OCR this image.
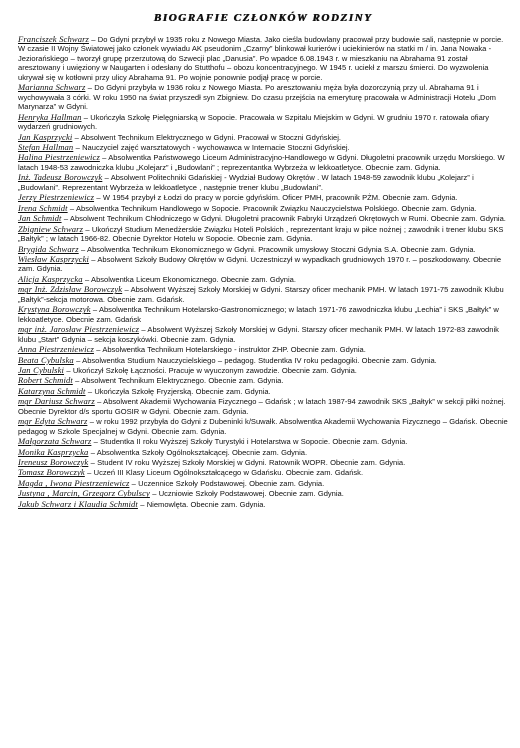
BIOGRAFIE CZŁONKÓW RODZINY

Franciszek Schwarz – Do Gdyni przybył w 1935 roku z Nowego Miasta. Jako cieśla budowlany pracował przy budowie sali, następnie w porcie. W czasie II Wojny Światowej jako członek wywiadu AK pseudonim „Czarny” blinkował kurierów i uciekinierów na statki m / in. Jana Nowaka - Jeziorańskiego – tworzył grupę przerzutową do Szwecji plac „Danusia”. Po wpadce 6.08.1943 r. w mieszkaniu na Abrahama 91 został aresztowany i uwięziony w Naugarten i odesłany do Stutthofu – obozu koncentracyjnego. W 1945 r. uciekł z marszu śmierci. Do wyzwolenia ukrywał się w kotłowni przy ulicy Abrahama 91. Po wojnie ponownie podjął pracę w porcie.

Marianna Schwarz – Do Gdyni przybyła w 1936 roku z Nowego Miasta. Po aresztowaniu męża była dozorczynią przy ul. Abrahama 91 i wychowywała 3 córki. W roku 1950 na świat przyszedł syn Zbigniew. Do czasu przejścia na emeryturę pracowała w Administracji Hotelu „Dom Marynarza” w Gdyni.

Henryka Hallman – Ukończyła Szkołę Pielęgniarską w Sopocie. Pracowała w Szpitalu Miejskim w Gdyni. W grudniu 1970 r. ratowała ofiary wydarzeń grudniowych.

Jan Kasprzycki – Absolwent Technikum Elektrycznego w Gdyni. Pracował w Stoczni Gdyńskiej.

Stefan Hallman – Nauczyciel zajęć warsztatowych - wychowawca w Internacie Stoczni Gdyńskiej.

Halina Piestrzeniewicz – Absolwentka Państwowego Liceum Administracyjno-Handlowego w Gdyni. Długoletni pracownik urzędu Morskiego. W latach 1948-53 zawodniczka klubu „Kolejarz” i „Budowlani” ; reprezentantka Wybrzeża w lekkoatletyce. Obecnie zam. Gdynia.

Inż. Tadeusz Borowczyk – Absolwent Politechniki Gdańskiej - Wydział Budowy Okrętów . W latach 1948-59 zawodnik klubu „Kolejarz” i „Budowlani”. Reprezentant Wybrzeża w lekkoatletyce , następnie trener klubu „Budowlani”.

Jerzy Piestrzeniewicz – W 1954 przybył z Łodzi do pracy w porcie gdyńskim. Oficer PMH, pracownik PŻM. Obecnie zam. Gdynia.

Irena Schmidt – Absolwentka Technikum Handlowego w Sopocie. Pracownik Związku Nauczycielstwa Polskiego. Obecnie zam. Gdynia.

Jan Schmidt – Absolwent Technikum Chłodniczego w Gdyni. Długoletni pracownik Fabryki Urządzeń Okrętowych w Rumi. Obecnie zam. Gdynia.

Zbigniew Schwarz – Ukończył Studium Menedżerskie Związku Hoteli Polskich , reprezentant kraju w piłce nożnej ; zawodnik i trener klubu SKS „Bałtyk” ; w latach 1966-82. Obecnie Dyrektor Hotelu w Sopocie. Obecnie zam. Gdynia.

Brygida Schwarz – Absolwentka Technikum Ekonomicznego w Gdyni. Pracownik umysłowy Stoczni Gdynia S.A. Obecnie zam. Gdynia.

Wiesław Kasprzycki – Absolwent Szkoły Budowy Okrętów w Gdyni. Uczestniczył w wypadkach grudniowych 1970 r. – poszkodowany. Obecnie zam. Gdynia.

Alicja Kasprzycka – Absolwentka Liceum Ekonomicznego. Obecnie zam. Gdynia.

mgr Inż. Zdzisław Borowczyk – Absolwent Wyższej Szkoły Morskiej w Gdyni. Starszy oficer mechanik PMH. W latach 1971-75 zawodnik Klubu „Bałtyk”-sekcja motorowa. Obecnie zam. Gdańsk.

Krystyna Borowczyk – Absolwentka Technikum Hotelarsko-Gastronomicznego; w latach 1971-76 zawodniczka klubu „Lechia” i SKS „Bałtyk” w lekkoatletyce. Obecnie zam. Gdańsk

mgr inż. Jarosław Piestrzeniewicz – Absolwent Wyższej Szkoły Morskiej w Gdyni. Starszy oficer mechanik PMH. W latach 1972-83 zawodnik klubu „Start” Gdynia – sekcja koszykówki. Obecnie zam. Gdynia.

Anna Piestrzeniewicz – Absolwentka Technikum Hotelarskiego - instruktor ZHP. Obecnie zam. Gdynia.

Beata Cybulska – Absolwentka Studium Nauczycielskiego – pedagog. Studentka IV roku pedagogiki. Obecnie zam. Gdynia.

Jan Cybulski – Ukończył Szkołę Łączności. Pracuje w wyuczonym zawodzie. Obecnie zam. Gdynia.

Robert Schmidt – Absolwent Technikum Elektrycznego. Obecnie zam. Gdynia.

Katarzyna Schmidt – Ukończyła Szkołę Fryzjerską. Obecnie zam. Gdynia.

mgr Dariusz Schwarz – Absolwent Akademii Wychowania Fizycznego – Gdańsk ; w latach 1987-94 zawodnik SKS „Bałtyk” w sekcji piłki nożnej. Obecnie Dyrektor d/s sportu GOSIR w Gdyni. Obecnie zam. Gdynia.

mgr Edyta Schwarz – w roku 1992 przybyła do Gdyni z Dubeninki k/Suwałk. Absolwentka Akademii Wychowania Fizycznego – Gdańsk. Obecnie pedagog w Szkole Specjalnej w Gdyni. Obecnie zam. Gdynia.

Małgorzata Schwarz – Studentka II roku Wyższej Szkoły Turystyki i Hotelarstwa w Sopocie. Obecnie zam. Gdynia.

Monika Kasprzycka – Absolwentka Szkoły Ogólnokształcącej. Obecnie zam. Gdynia.

Ireneusz Borowczyk – Student IV roku Wyższej Szkoły Morskiej w Gdyni. Ratownik WOPR. Obecnie zam. Gdynia.

Tomasz Borowczyk – Uczeń III Klasy Liceum Ogólnokształcącego w Gdańsku. Obecnie zam. Gdańsk.

Magda , Iwona Piestrzeniewicz – Uczennice Szkoły Podstawowej. Obecnie zam. Gdynia.

Justyna , Marcin, Grzegorz Cybulscy – Uczniowie Szkoły Podstawowej. Obecnie zam. Gdynia.

Jakub Schwarz i Klaudia Schmidt – Niemowlęta. Obecnie zam. Gdynia.
